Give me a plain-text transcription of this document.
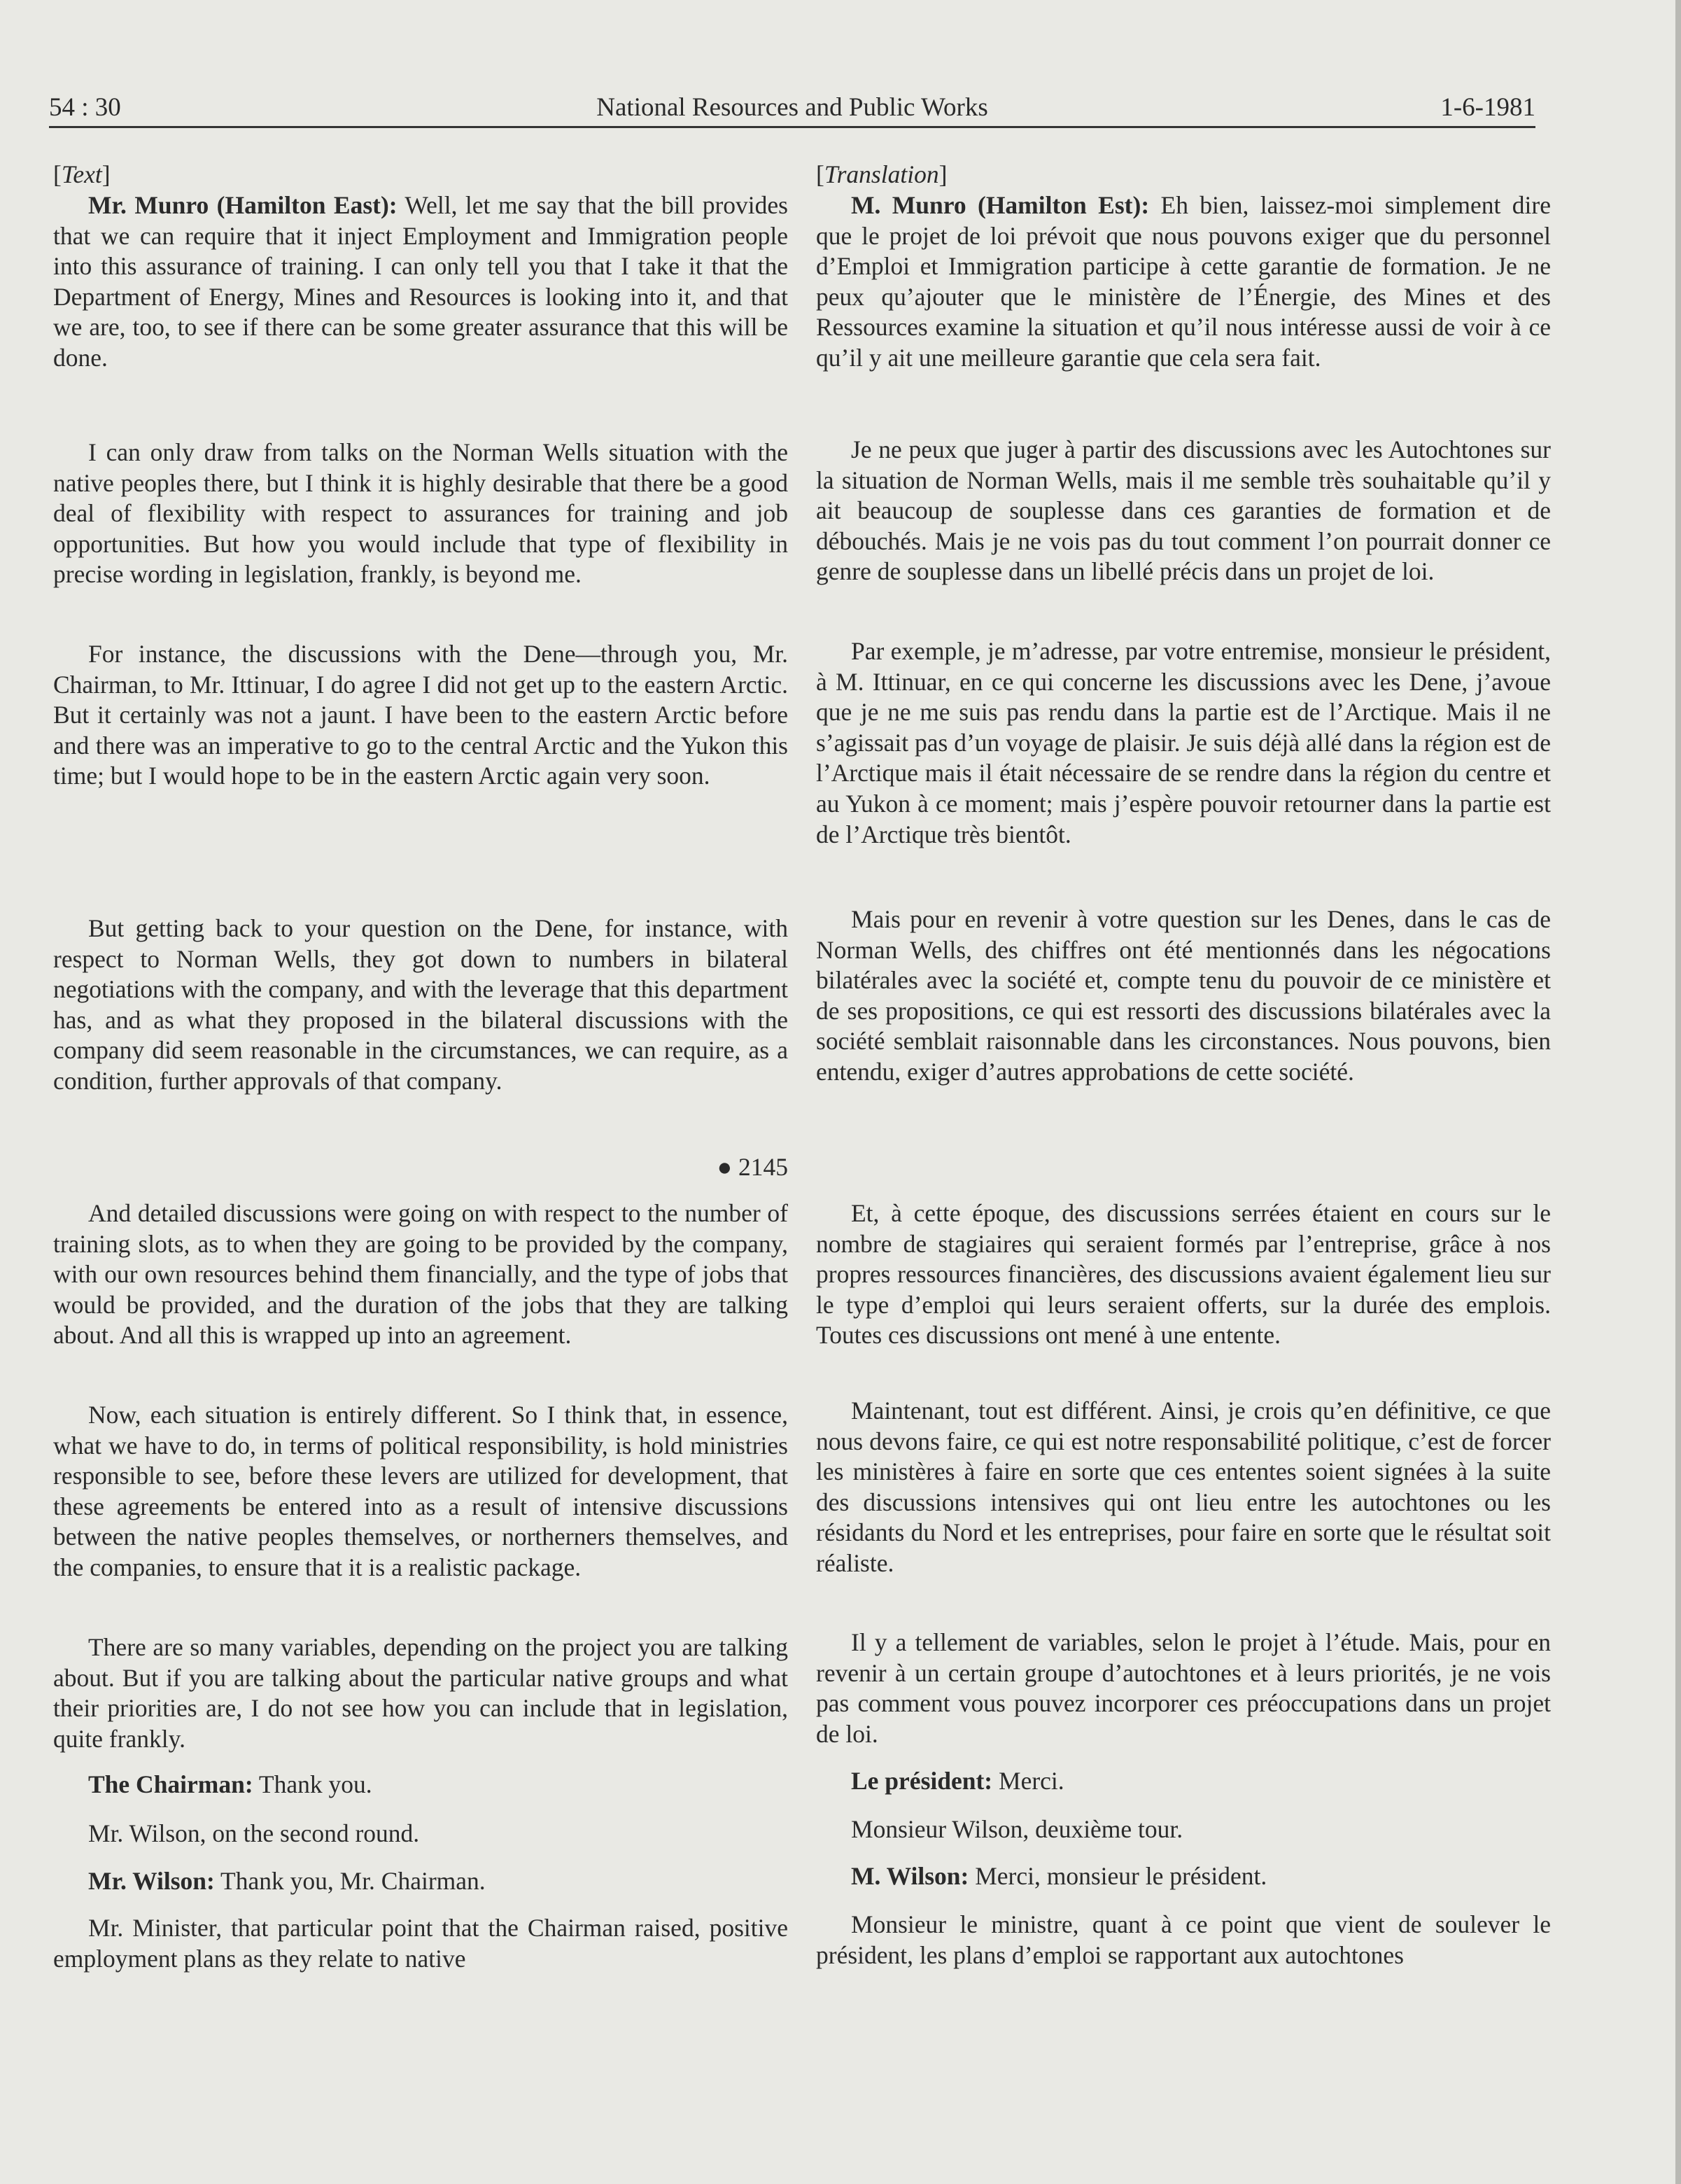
54 : 30	National Resources and Public Works	1-6-1981
[Text]
Mr. Munro (Hamilton East): Well, let me say that the bill provides that we can require that it inject Employment and Immigration people into this assurance of training. I can only tell you that I take it that the Department of Energy, Mines and Resources is looking into it, and that we are, too, to see if there can be some greater assurance that this will be done.
I can only draw from talks on the Norman Wells situation with the native peoples there, but I think it is highly desirable that there be a good deal of flexibility with respect to assurances for training and job opportunities. But how you would include that type of flexibility in precise wording in legislation, frankly, is beyond me.
For instance, the discussions with the Dene—through you, Mr. Chairman, to Mr. Ittinuar, I do agree I did not get up to the eastern Arctic. But it certainly was not a jaunt. I have been to the eastern Arctic before and there was an imperative to go to the central Arctic and the Yukon this time; but I would hope to be in the eastern Arctic again very soon.
But getting back to your question on the Dene, for instance, with respect to Norman Wells, they got down to numbers in bilateral negotiations with the company, and with the leverage that this department has, and as what they proposed in the bilateral discussions with the company did seem reasonable in the circumstances, we can require, as a condition, further approvals of that company.
● 2145
And detailed discussions were going on with respect to the number of training slots, as to when they are going to be provided by the company, with our own resources behind them financially, and the type of jobs that would be provided, and the duration of the jobs that they are talking about. And all this is wrapped up into an agreement.
Now, each situation is entirely different. So I think that, in essence, what we have to do, in terms of political responsibility, is hold ministries responsible to see, before these levers are utilized for development, that these agreements be entered into as a result of intensive discussions between the native peoples themselves, or northerners themselves, and the companies, to ensure that it is a realistic package.
There are so many variables, depending on the project you are talking about. But if you are talking about the particular native groups and what their priorities are, I do not see how you can include that in legislation, quite frankly.
The Chairman: Thank you.
Mr. Wilson, on the second round.
Mr. Wilson: Thank you, Mr. Chairman.
Mr. Minister, that particular point that the Chairman raised, positive employment plans as they relate to native
[Translation]
M. Munro (Hamilton Est): Eh bien, laissez-moi simplement dire que le projet de loi prévoit que nous pouvons exiger que du personnel d’Emploi et Immigration participe à cette garantie de formation. Je ne peux qu’ajouter que le ministère de l’Énergie, des Mines et des Ressources examine la situation et qu’il nous intéresse aussi de voir à ce qu’il y ait une meilleure garantie que cela sera fait.
Je ne peux que juger à partir des discussions avec les Autochtones sur la situation de Norman Wells, mais il me semble très souhaitable qu’il y ait beaucoup de souplesse dans ces garanties de formation et de débouchés. Mais je ne vois pas du tout comment l’on pourrait donner ce genre de souplesse dans un libellé précis dans un projet de loi.
Par exemple, je m’adresse, par votre entremise, monsieur le président, à M. Ittinuar, en ce qui concerne les discussions avec les Dene, j’avoue que je ne me suis pas rendu dans la partie est de l’Arctique. Mais il ne s’agissait pas d’un voyage de plaisir. Je suis déjà allé dans la région est de l’Arctique mais il était nécessaire de se rendre dans la région du centre et au Yukon à ce moment; mais j’espère pouvoir retourner dans la partie est de l’Arctique très bientôt.
Mais pour en revenir à votre question sur les Denes, dans le cas de Norman Wells, des chiffres ont été mentionnés dans les négocations bilatérales avec la société et, compte tenu du pouvoir de ce ministère et de ses propositions, ce qui est ressorti des discussions bilatérales avec la société semblait raisonnable dans les circonstances. Nous pouvons, bien entendu, exiger d’autres approbations de cette société.
Et, à cette époque, des discussions serrées étaient en cours sur le nombre de stagiaires qui seraient formés par l’entreprise, grâce à nos propres ressources financières, des discussions avaient également lieu sur le type d’emploi qui leurs seraient offerts, sur la durée des emplois. Toutes ces discussions ont mené à une entente.
Maintenant, tout est différent. Ainsi, je crois qu’en définitive, ce que nous devons faire, ce qui est notre responsabilité politique, c’est de forcer les ministères à faire en sorte que ces ententes soient signées à la suite des discussions intensives qui ont lieu entre les autochtones ou les résidants du Nord et les entreprises, pour faire en sorte que le résultat soit réaliste.
Il y a tellement de variables, selon le projet à l’étude. Mais, pour en revenir à un certain groupe d’autochtones et à leurs priorités, je ne vois pas comment vous pouvez incorporer ces préoccupations dans un projet de loi.
Le président: Merci.
Monsieur Wilson, deuxième tour.
M. Wilson: Merci, monsieur le président.
Monsieur le ministre, quant à ce point que vient de soulever le président, les plans d’emploi se rapportant aux autochtones
